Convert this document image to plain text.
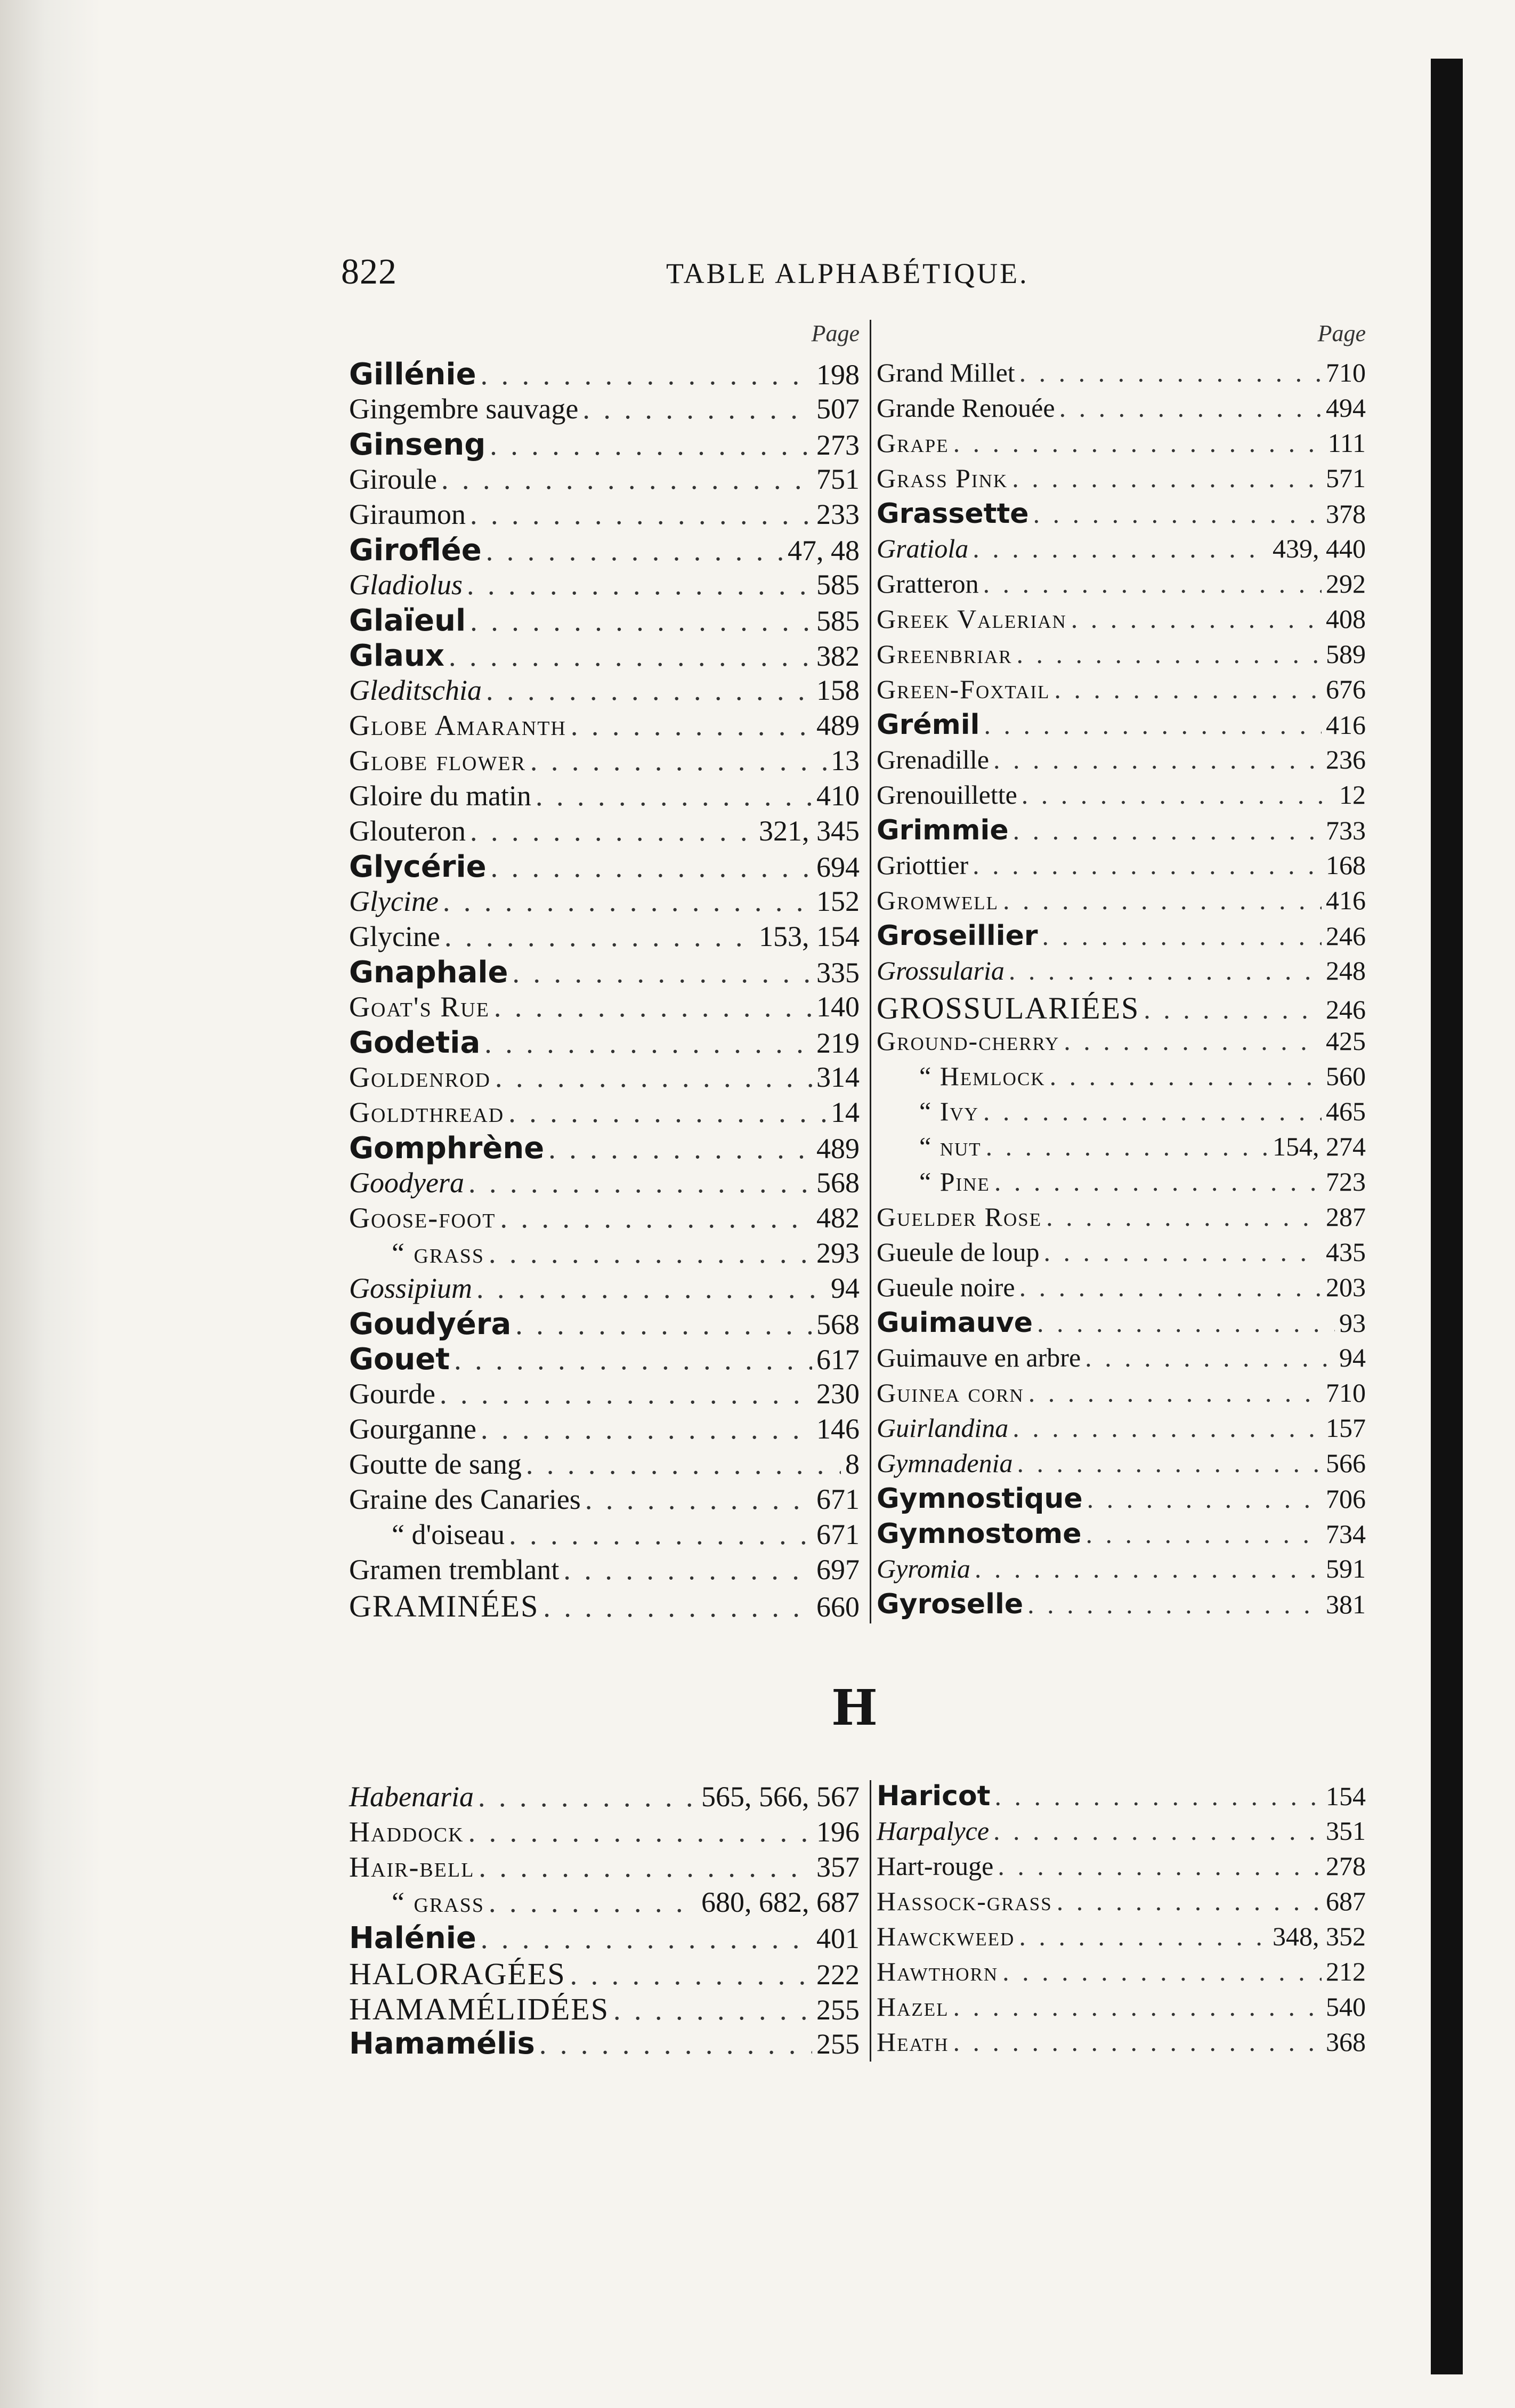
822	TABLE ALPHABÉTIQUE.
Page
Gillénie . . .	198
Gingembre sauvage . . .	507
Ginseng . . .	273
Giroule . . .	751
Giraumon . . .	233
Giroflée . . .	47, 48
Gladiolus . . .	585
Glaïeul . . .	585
Glaux . . .	382
Gleditschia . . .	158
Globe Amaranth . . .	489
Globe flower . . .	13
Gloire du matin . . .	410
Glouteron . . .	321, 345
Glycérie . . .	694
Glycine . . .	152
Glycine . . .	153, 154
Gnaphale . . .	335
Goat's Rue . . .	140
Godetia . . .	219
Goldenrod . . .	314
Goldthread . . .	14
Gomphrène . . .	489
Goodyera . . .	568
Goose-foot . . .	482
“ grass . . .	293
Gossipium . . .	94
Goudyéra . . .	568
Gouet . . .	617
Gourde . . .	230
Gourganne . . .	146
Goutte de sang . . .	8
Graine des Canaries . . .	671
“ d'oiseau . . .	671
Gramen tremblant . . .	697
GRAMINÉES . . .	660
Page
Grand Millet . . .	710
Grande Renouée . . .	494
Grape . . .	111
Grass Pink . . .	571
Grassette . . .	378
Gratiola . . .	439, 440
Gratteron . . .	292
Greek Valerian . . .	408
Greenbriar . . .	589
Green-Foxtail . . .	676
Grémil . . .	416
Grenadille . . .	236
Grenouillette . . .	12
Grimmie . . .	733
Griottier . . .	168
Gromwell . . .	416
Groseillier . . .	246
Grossularia . . .	248
GROSSULARIÉES . . .	246
Ground-cherry . . .	425
“ Hemlock . . .	560
“ Ivy . . .	465
“ nut . . .	154, 274
“ Pine . . .	723
Guelder Rose . . .	287
Gueule de loup . . .	435
Gueule noire . . .	203
Guimauve . . .	93
Guimauve en arbre . . .	94
Guinea corn . . .	710
Guirlandina . . .	157
Gymnadenia . . .	566
Gymnostique . . .	706
Gymnostome . . .	734
Gyromia . . .	591
Gyroselle . . .	381
H
Habenaria . . .	565, 566, 567
Haddock . . .	196
Hair-bell . . .	357
“ grass . . .	680, 682, 687
Halénie . . .	401
HALORAGÉES . . .	222
HAMAMÉLIDÉES . . .	255
Hamamélis . . .	255
Haricot . . .	154
Harpalyce . . .	351
Hart-rouge . . .	278
Hassock-grass . . .	687
Hawckweed . . .	348, 352
Hawthorn . . .	212
Hazel . . .	540
Heath . . .	368
